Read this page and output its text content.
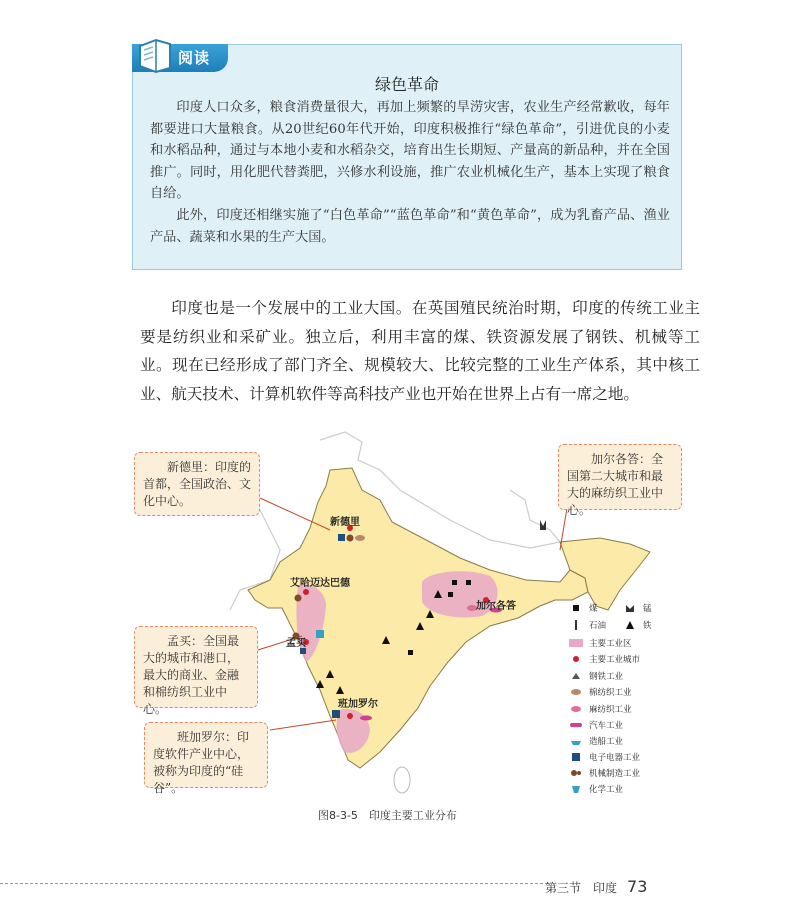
阅读
绿色革命

印度人口众多，粮食消费量很大，再加上频繁的旱涝灾害，农业生产经常歉收，每年都要进口大量粮食。从20世纪60年代开始，印度积极推行“绿色革命”，引进优良的小麦和水稻品种，通过与本地小麦和水稻杂交，培育出生长期短、产量高的新品种，并在全国推广。同时，用化肥代替粪肥，兴修水利设施，推广农业机械化生产，基本上实现了粮食自给。

此外，印度还相继实施了“白色革命”“蓝色革命”和“黄色革命”，成为乳畜产品、渔业产品、蔬菜和水果的生产大国。

印度也是一个发展中的工业大国。在英国殖民统治时期，印度的传统工业主要是纺织业和采矿业。独立后，利用丰富的煤、铁资源发展了钢铁、机械等工业。现在已经形成了部门齐全、规模较大、比较完整的工业生产体系，其中核工业、航天技术、计算机软件等高科技产业也开始在世界上占有一席之地。

新德里
艾哈迈达巴德
孟买
加尔各答
班加罗尔
新德里：印度的首都，全国政治、文化中心。
加尔各答：全国第二大城市和最大的麻纺织工业中心。
孟买：全国最大的城市和港口，最大的商业、金融和棉纺织工业中心。
班加罗尔：印度软件产业中心，被称为印度的“硅谷”。
煤	锰
石油	铁
主要工业区
主要工业城市
钢铁工业
棉纺织工业
麻纺织工业
汽车工业
造船工业
电子电器工业
机械制造工业
化学工业
图8-3-5　印度主要工业分布
第三节　印度 73
